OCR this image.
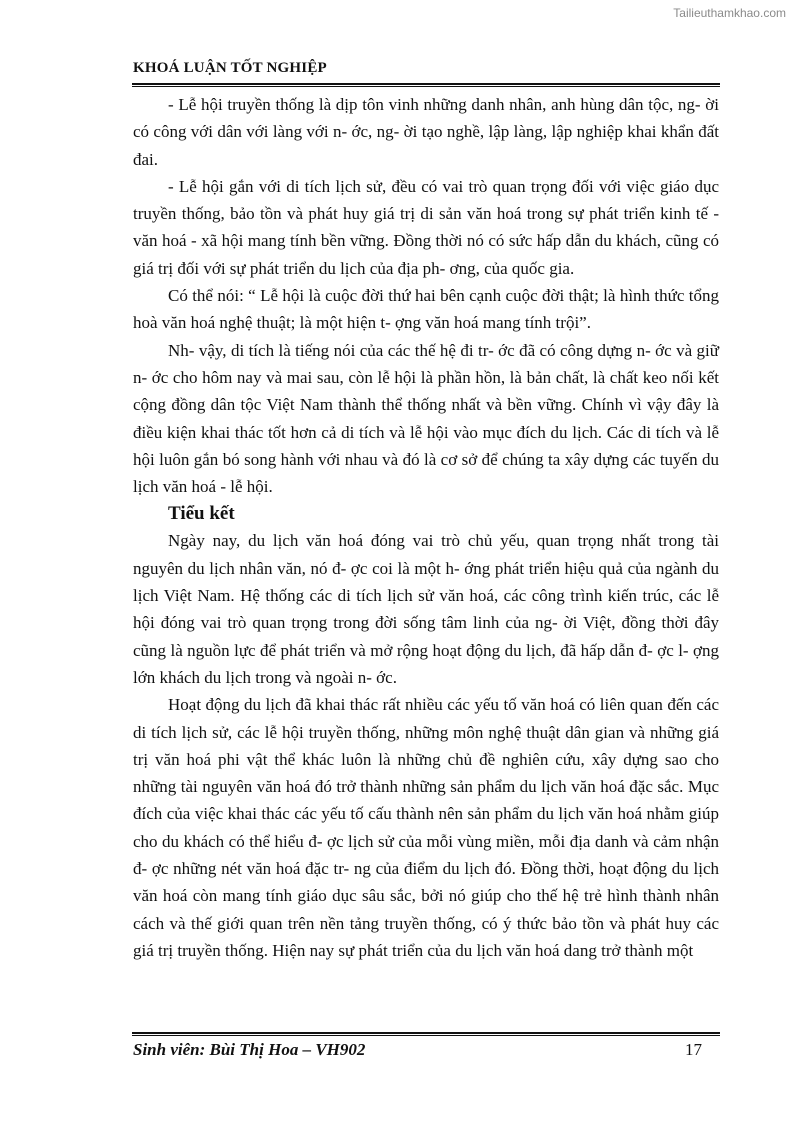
Tailieuthamkhao.com
KHOÁ LUẬN TỐT NGHIỆP

- Lễ hội truyền thống là dịp tôn vinh những danh nhân, anh hùng dân tộc, ng- ời có công với dân với làng với n- ớc, ng- ời tạo nghề, lập làng, lập nghiệp khai khẩn đất đai.

- Lễ hội gắn với di tích lịch sử, đều có vai trò quan trọng đối với việc giáo dục truyền thống, bảo tồn và phát huy giá trị di sản văn hoá trong sự phát triển kinh tế - văn hoá - xã hội mang tính bền vững. Đồng thời nó có sức hấp dẫn du khách, cũng có giá trị đối với sự phát triển du lịch của địa ph- ơng, của quốc gia.

Có thể nói: “ Lễ hội là cuộc đời thứ hai bên cạnh cuộc đời thật; là hình thức tổng hoà văn hoá nghệ thuật; là một hiện t- ợng văn hoá mang tính trội”.

Nh- vậy, di tích là tiếng nói của các thế hệ đi tr- ớc đã có công dựng n- ớc và giữ n- ớc cho hôm nay và mai sau, còn lễ hội là phần hồn, là bản chất, là chất keo nối kết cộng đồng dân tộc Việt Nam thành thể thống nhất và bền vững. Chính vì vậy đây là điều kiện khai thác tốt hơn cả di tích và lễ hội vào mục đích du lịch. Các di tích và lễ hội luôn gắn bó song hành với nhau và đó là cơ sở để chúng ta xây dựng các tuyến du lịch văn hoá - lễ hội.

Tiểu kết

Ngày nay, du lịch văn hoá đóng vai trò chủ yếu, quan trọng nhất trong tài nguyên du lịch nhân văn, nó đ- ợc coi là một h- ớng phát triển hiệu quả của ngành du lịch Việt Nam. Hệ thống các di tích lịch sử văn hoá, các công trình kiến trúc, các lễ hội đóng vai trò quan trọng trong đời sống tâm linh của ng- ời Việt, đồng thời đây cũng là nguồn lực để phát triển và mở rộng hoạt động du lịch, đã hấp dẫn đ- ợc l- ợng lớn khách du lịch trong và ngoài n- ớc.

Hoạt động du lịch đã khai thác rất nhiều các yếu tố văn hoá có liên quan đến các di tích lịch sử, các lễ hội truyền thống, những môn nghệ thuật dân gian và những giá trị văn hoá phi vật thể khác luôn là những chủ đề nghiên cứu, xây dựng sao cho những tài nguyên văn hoá đó trở thành những sản phẩm du lịch văn hoá đặc sắc. Mục đích của việc khai thác các yếu tố cấu thành nên sản phẩm du lịch văn hoá nhằm giúp cho du khách có thể hiểu đ- ợc lịch sử của mỗi vùng miền, mỗi địa danh và cảm nhận đ- ợc những nét văn hoá đặc tr- ng của điểm du lịch đó. Đồng thời, hoạt động du lịch văn hoá còn mang tính giáo dục sâu sắc, bởi nó giúp cho thế hệ trẻ hình thành nhân cách và thế giới quan trên nền tảng truyền thống, có ý thức bảo tồn và phát huy các giá trị truyền thống. Hiện nay sự phát triển của du lịch văn hoá dang trở thành một

Sinh viên: Bùi Thị Hoa – VH902	17
